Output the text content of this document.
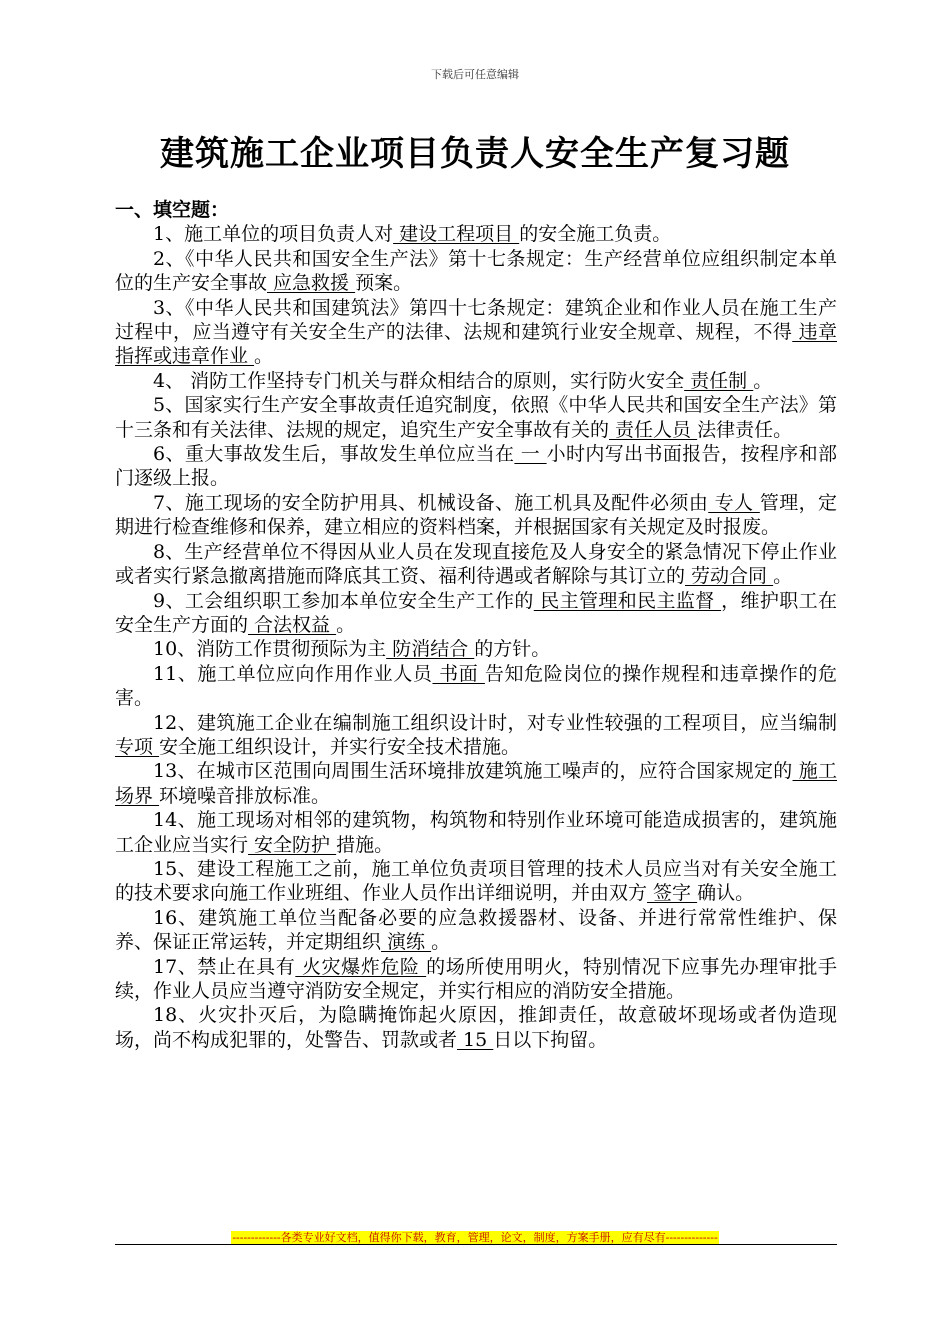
下载后可任意编辑
建筑施工企业项目负责人安全生产复习题

一、填空题：

1、施工单位的项目负责人对 建设工程项目 的安全施工负责。

2、《中华人民共和国安全生产法》第十七条规定：生产经营单位应组织制定本单位的生产安全事故 应急救援 预案。

3、《中华人民共和国建筑法》第四十七条规定：建筑企业和作业人员在施工生产过程中，应当遵守有关安全生产的法律、法规和建筑行业安全规章、规程，不得 违章指挥或违章作业 。

4、 消防工作坚持专门机关与群众相结合的原则，实行防火安全 责任制 。

5、国家实行生产安全事故责任追究制度，依照《中华人民共和国安全生产法》第十三条和有关法律、法规的规定，追究生产安全事故有关的 责任人员 法律责任。

6、重大事故发生后，事故发生单位应当在 一 小时内写出书面报告，按程序和部门逐级上报。

7、施工现场的安全防护用具、机械设备、施工机具及配件必须由 专人 管理，定期进行检查维修和保养，建立相应的资料档案，并根据国家有关规定及时报废。

8、生产经营单位不得因从业人员在发现直接危及人身安全的紧急情况下停止作业或者实行紧急撤离措施而降底其工资、福利待遇或者解除与其订立的 劳动合同 。

9、工会组织职工参加本单位安全生产工作的 民主管理和民主监督 ，维护职工在安全生产方面的 合法权益 。

10、消防工作贯彻预际为主 防消结合 的方针。

11、施工单位应向作用作业人员 书面 告知危险岗位的操作规程和违章操作的危害。

12、建筑施工企业在编制施工组织设计时，对专业性较强的工程项目，应当编制 专项 安全施工组织设计，并实行安全技术措施。

13、在城市区范围向周围生活环境排放建筑施工噪声的，应符合国家规定的 施工场界 环境噪音排放标准。

14、施工现场对相邻的建筑物，构筑物和特别作业环境可能造成损害的，建筑施工企业应当实行 安全防护 措施。

15、建设工程施工之前，施工单位负责项目管理的技术人员应当对有关安全施工的技术要求向施工作业班组、作业人员作出详细说明，并由双方 签字 确认。

16、建筑施工单位当配备必要的应急救援器材、设备、并进行常常性维护、保养、保证正常运转，并定期组织 演练 。

17、禁止在具有 火灾爆炸危险 的场所使用明火，特别情况下应事先办理审批手续，作业人员应当遵守消防安全规定，并实行相应的消防安全措施。

18、火灾扑灭后，为隐瞒掩饰起火原因，推卸责任，故意破坏现场或者伪造现场，尚不构成犯罪的，处警告、罚款或者 15 日以下拘留。

-------------各类专业好文档，值得你下载，教育，管理，论文，制度，方案手册，应有尽有--------------
